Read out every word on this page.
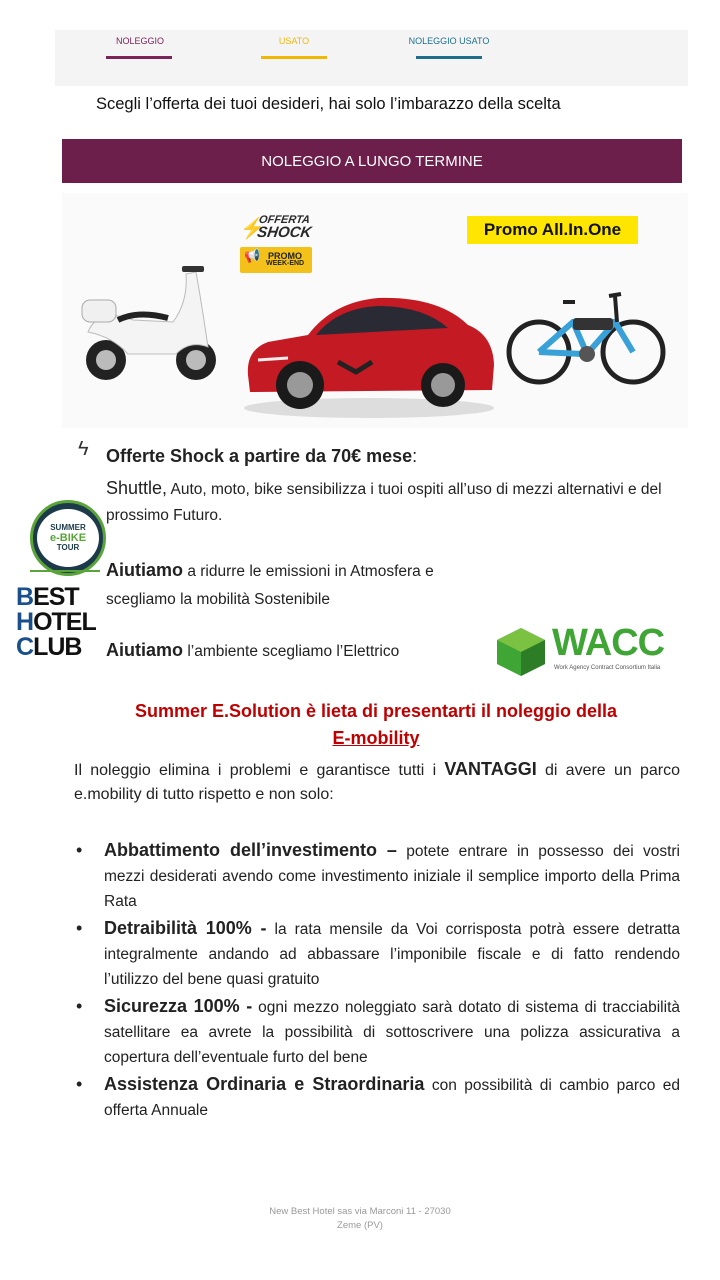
NOLEGGIO	USATO	NOLEGGIO USATO
Scegli l’offerta dei tuoi desideri, hai solo l’imbarazzo della scelta
NOLEGGIO A LUNGO TERMINE
⚡
OFFERTA
SHOCK
📢 PROMO
WEEK-END
Promo All.In.One
ϟ Offerte Shock a partire da 70€ mese:
Shuttle, Auto, moto, bike sensibilizza i tuoi ospiti all’uso di mezzi alternativi e del prossimo Futuro.
Aiutiamo a ridurre le emissioni in Atmosfera e scegliamo la mobilità Sostenibile
Aiutiamo l’ambiente scegliamo l’Elettrico
SUMMER
e-BIKE
TOUR
BEST
HOTEL
CLUB	WACC
Work Agency Contract Consortium Italia
Summer E.Solution è lieta di presentarti il noleggio della
E-mobility
Il noleggio elimina i problemi e garantisce tutti i VANTAGGI di avere un parco e.mobility di tutto rispetto e non solo:
• Abbattimento dell’investimento – potete entrare in possesso dei vostri mezzi desiderati avendo come investimento iniziale il semplice importo della Prima Rata
• Detraibilità 100% - la rata mensile da Voi corrisposta potrà essere detratta integralmente andando ad abbassare l’imponibile fiscale e di fatto rendendo l’utilizzo del bene quasi gratuito
• Sicurezza 100% - ogni mezzo noleggiato sarà dotato di sistema di tracciabilità satellitare ea avrete la possibilità di sottoscrivere una polizza assicurativa a copertura dell’eventuale furto del bene
• Assistenza Ordinaria e Straordinaria con possibilità di cambio parco ed offerta Annuale
New Best Hotel sas via Marconi 11 - 27030
Zeme (PV)
